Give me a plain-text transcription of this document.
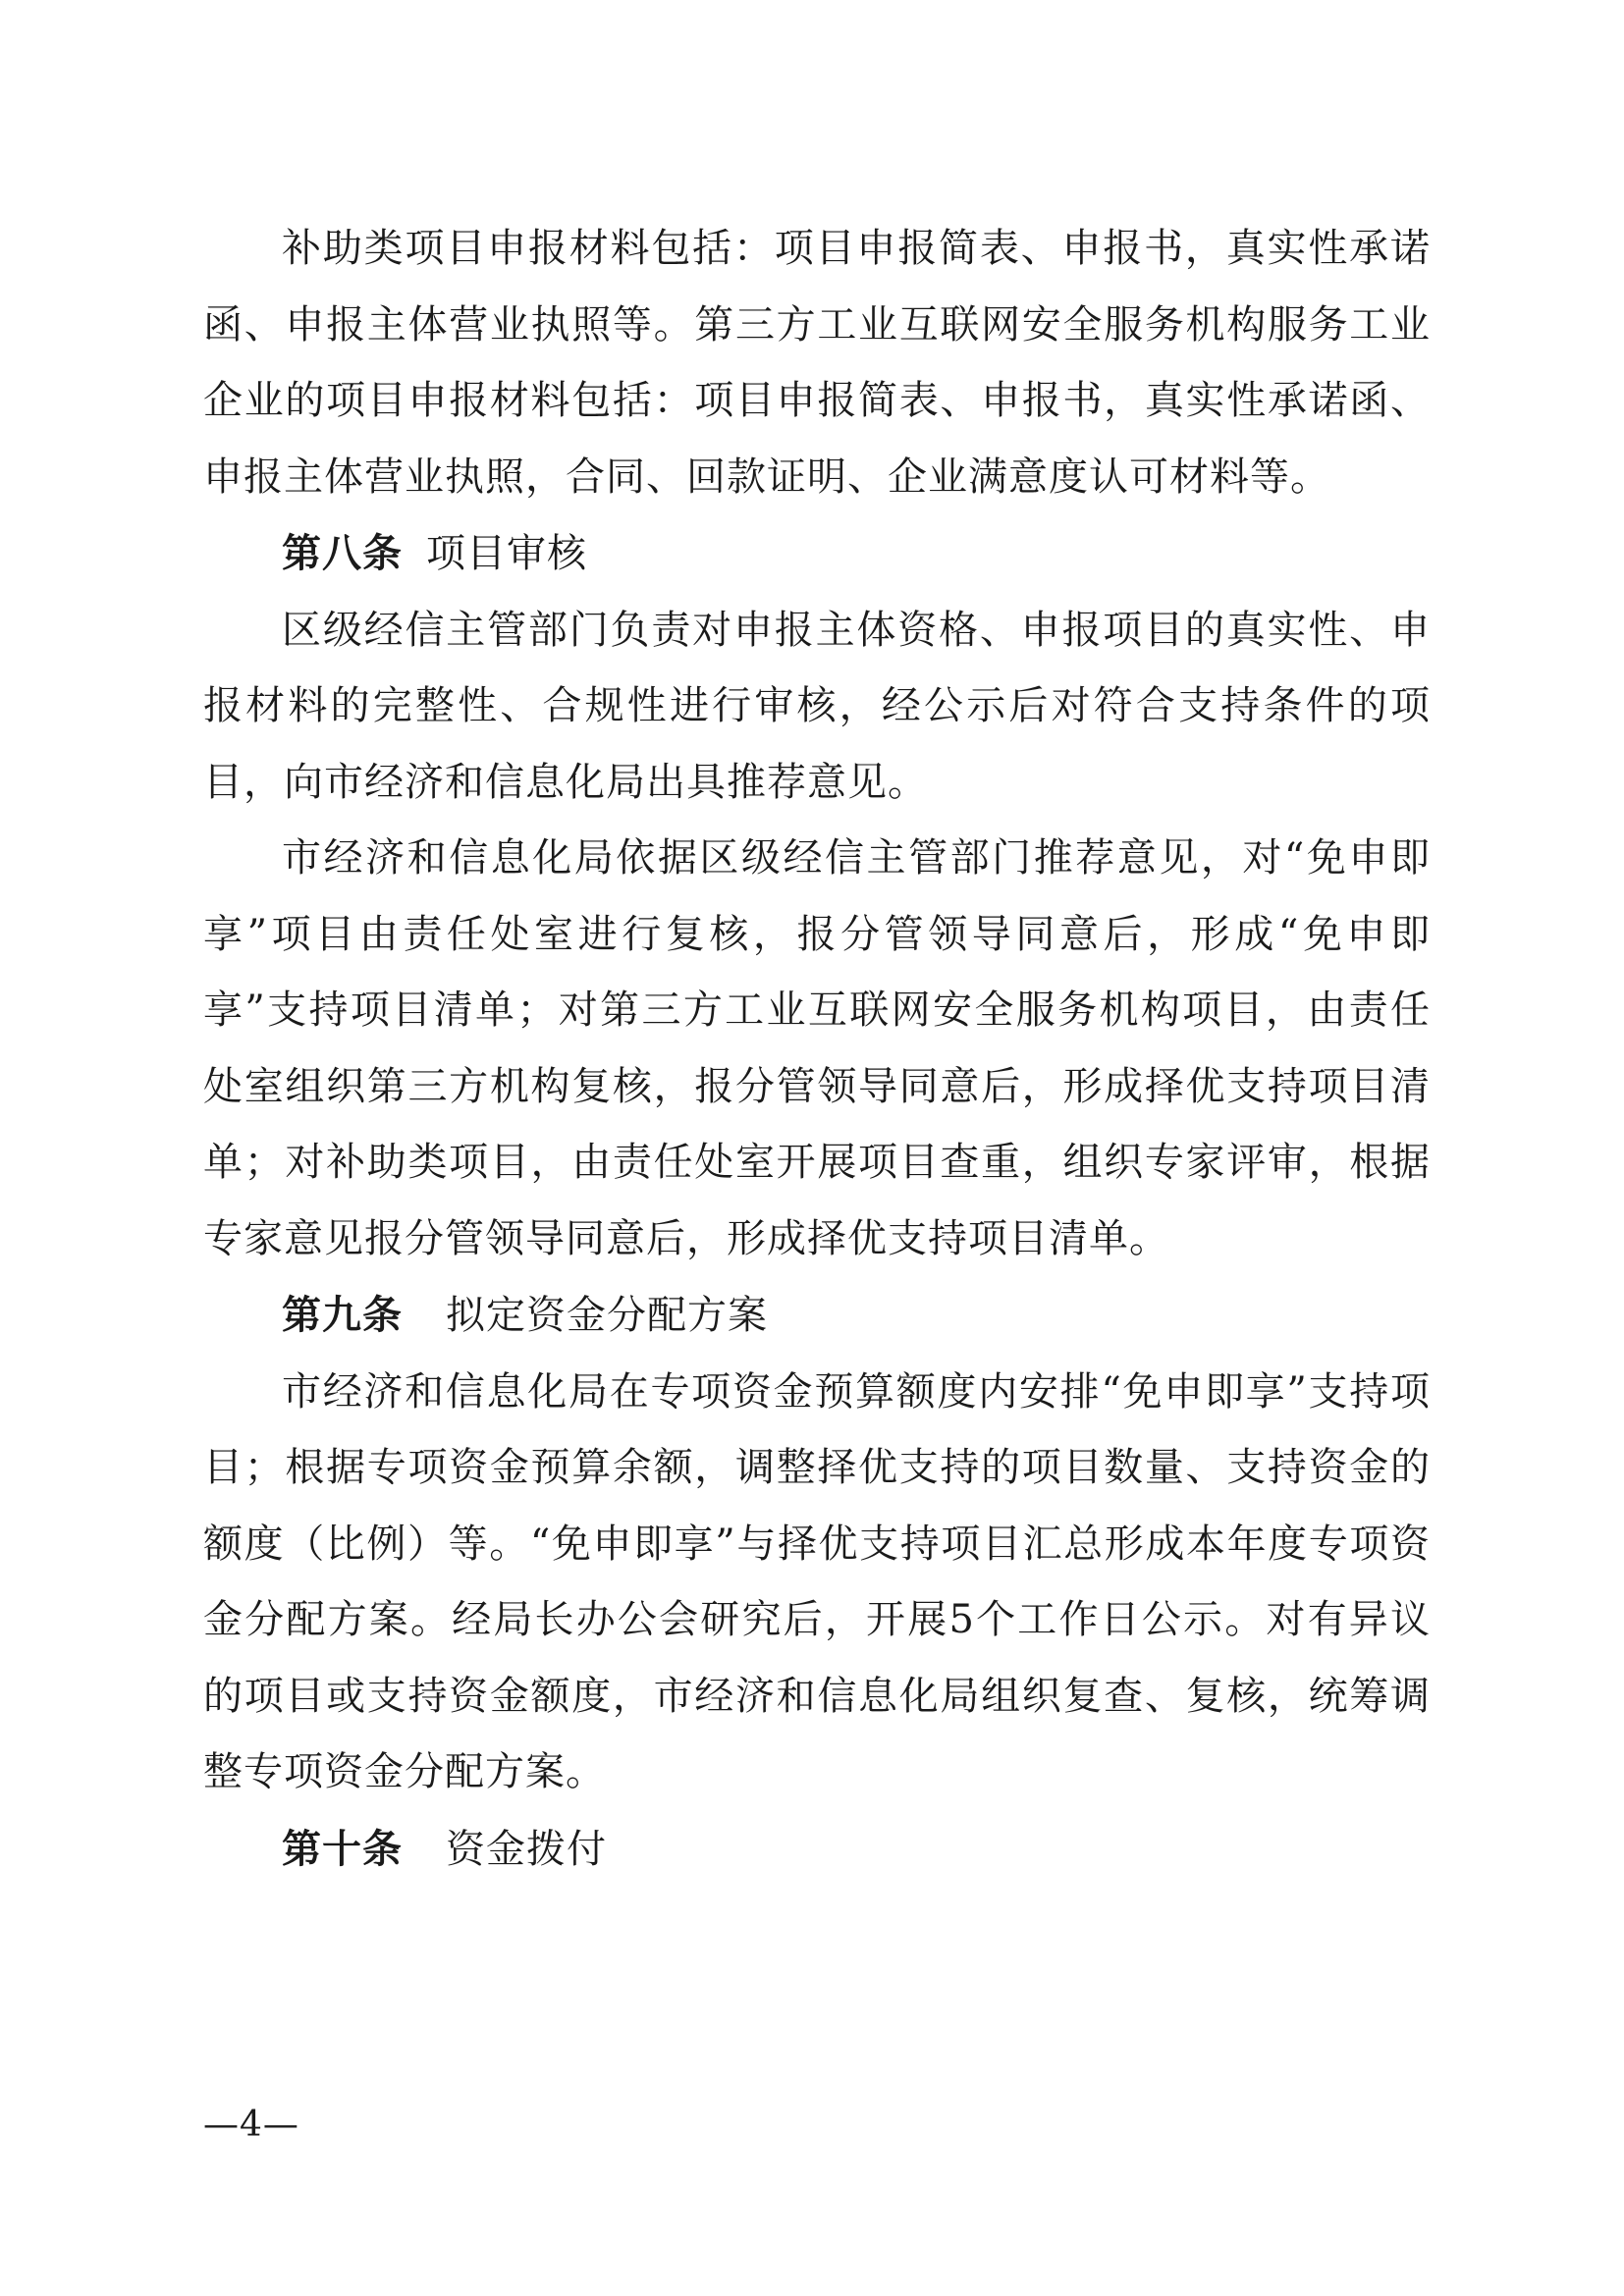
补助类项目申报材料包括：项目申报简表、申报书，真实性承诺函、申报主体营业执照等。第三方工业互联网安全服务机构服务工业企业的项目申报材料包括：项目申报简表、申报书，真实性承诺函、申报主体营业执照，合同、回款证明、企业满意度认可材料等。

第八条 项目审核

区级经信主管部门负责对申报主体资格、申报项目的真实性、申报材料的完整性、合规性进行审核，经公示后对符合支持条件的项目，向市经济和信息化局出具推荐意见。

市经济和信息化局依据区级经信主管部门推荐意见，对“免申即享”项目由责任处室进行复核，报分管领导同意后，形成“免申即享”支持项目清单；对第三方工业互联网安全服务机构项目，由责任处室组织第三方机构复核，报分管领导同意后，形成择优支持项目清单；对补助类项目，由责任处室开展项目查重，组织专家评审，根据专家意见报分管领导同意后，形成择优支持项目清单。

第九条 拟定资金分配方案

市经济和信息化局在专项资金预算额度内安排“免申即享”支持项目；根据专项资金预算余额，调整择优支持的项目数量、支持资金的额度（比例）等。“免申即享”与择优支持项目汇总形成本年度专项资金分配方案。经局长办公会研究后，开展5个工作日公示。对有异议的项目或支持资金额度，市经济和信息化局组织复查、复核，统筹调整专项资金分配方案。

第十条 资金拨付

—4—
